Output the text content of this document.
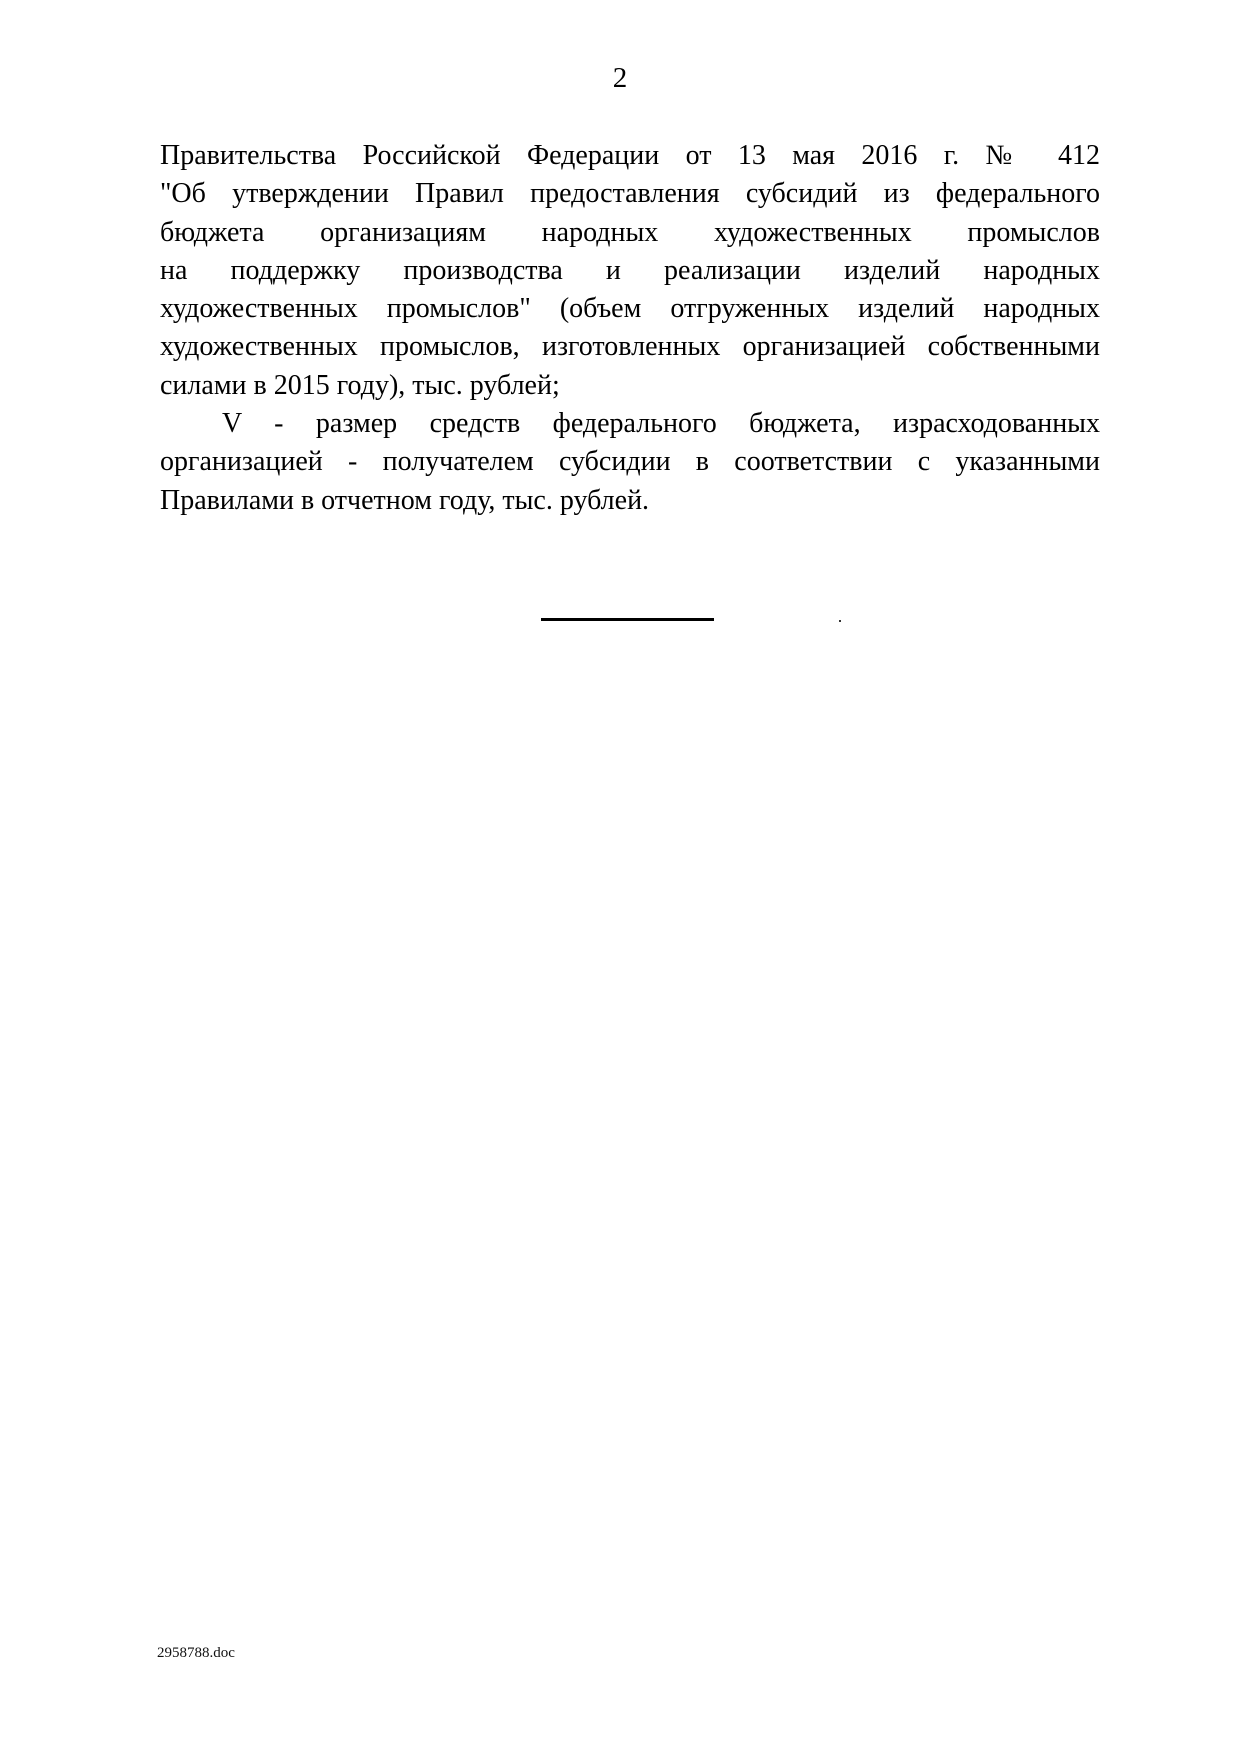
2

Правительства Российской Федерации от 13 мая 2016 г. № 412
"Об утверждении Правил предоставления субсидий из федерального
бюджета организациям народных художественных промыслов
на поддержку производства и реализации изделий народных
художественных промыслов" (объем отгруженных изделий народных
художественных промыслов, изготовленных организацией собственными
силами в 2015 году), тыс. рублей;

V - размер средств федерального бюджета, израсходованных
организацией - получателем субсидии в соответствии с указанными
Правилами в отчетном году, тыс. рублей.

2958788.doc
